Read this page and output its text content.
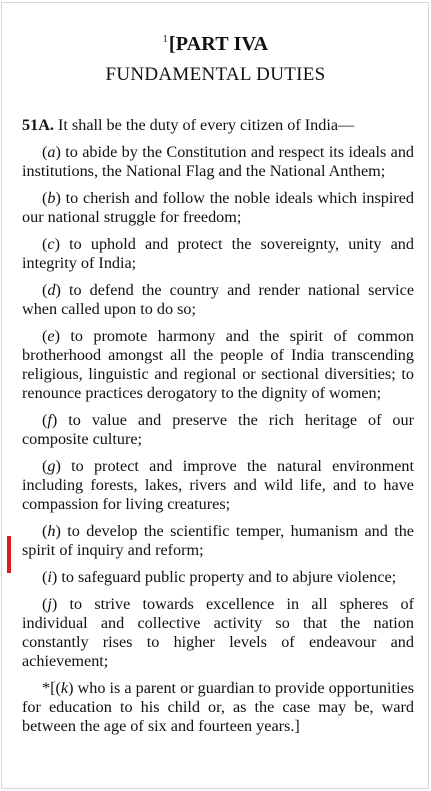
$^1$[PART IVA
FUNDAMENTAL DUTIES

51A. It shall be the duty of every citizen of India—

(a) to abide by the Constitution and respect its ideals and institutions, the National Flag and the National Anthem;

(b) to cherish and follow the noble ideals which inspired our national struggle for freedom;

(c) to uphold and protect the sovereignty, unity and integrity of India;

(d) to defend the country and render national service when called upon to do so;

(e) to promote harmony and the spirit of common brotherhood amongst all the people of India transcending religious, linguistic and regional or sectional diversities; to renounce practices derogatory to the dignity of women;

(f) to value and preserve the rich heritage of our composite culture;

(g) to protect and improve the natural environment including forests, lakes, rivers and wild life, and to have compassion for living creatures;

(h) to develop the scientific temper, humanism and the spirit of inquiry and reform;

(i) to safeguard public property and to abjure violence;

(j) to strive towards excellence in all spheres of individual and collective activity so that the nation constantly rises to higher levels of endeavour and achievement;

*[(k) who is a parent or guardian to provide opportunities for education to his child or, as the case may be, ward between the age of six and fourteen years.]
